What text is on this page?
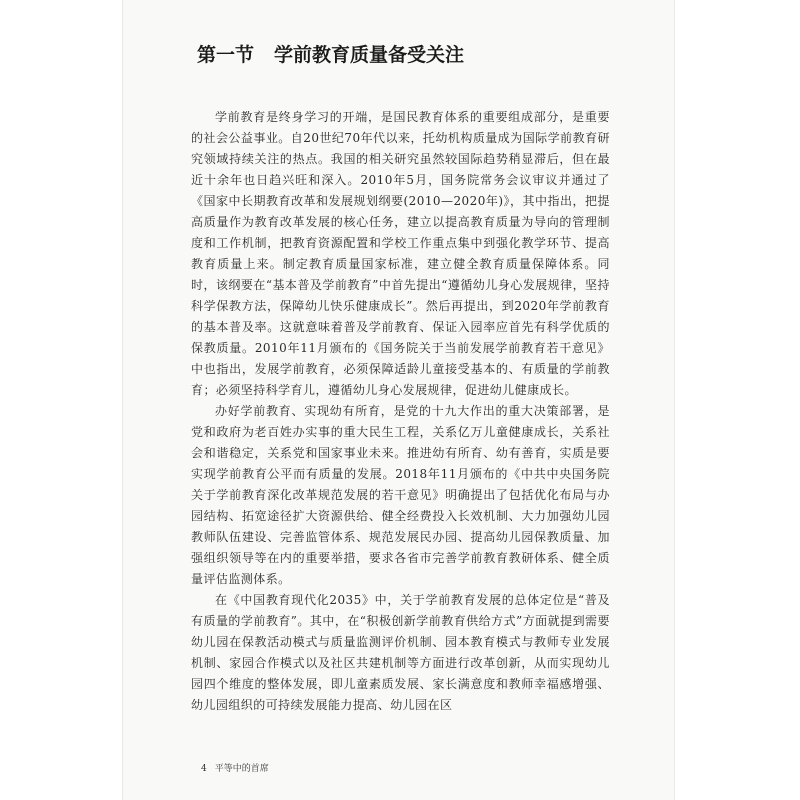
第一节 学前教育质量备受关注

学前教育是终身学习的开端，是国民教育体系的重要组成部分，是重要的社会公益事业。自20世纪70年代以来，托幼机构质量成为国际学前教育研究领域持续关注的热点。我国的相关研究虽然较国际趋势稍显滞后，但在最近十余年也日趋兴旺和深入。2010年5月，国务院常务会议审议并通过了《国家中长期教育改革和发展规划纲要(2010—2020年)》，其中指出，把提高质量作为教育改革发展的核心任务，建立以提高教育质量为导向的管理制度和工作机制，把教育资源配置和学校工作重点集中到强化教学环节、提高教育质量上来。制定教育质量国家标准，建立健全教育质量保障体系。同时，该纲要在“基本普及学前教育”中首先提出“遵循幼儿身心发展规律，坚持科学保教方法，保障幼儿快乐健康成长”。然后再提出，到2020年学前教育的基本普及率。这就意味着普及学前教育、保证入园率应首先有科学优质的保教质量。2010年11月颁布的《国务院关于当前发展学前教育若干意见》中也指出，发展学前教育，必须保障适龄儿童接受基本的、有质量的学前教育；必须坚持科学育儿，遵循幼儿身心发展规律，促进幼儿健康成长。

办好学前教育、实现幼有所育，是党的十九大作出的重大决策部署，是党和政府为老百姓办实事的重大民生工程，关系亿万儿童健康成长，关系社会和谐稳定，关系党和国家事业未来。推进幼有所育、幼有善育，实质是要实现学前教育公平而有质量的发展。2018年11月颁布的《中共中央国务院关于学前教育深化改革规范发展的若干意见》明确提出了包括优化布局与办园结构、拓宽途径扩大资源供给、健全经费投入长效机制、大力加强幼儿园教师队伍建设、完善监管体系、规范发展民办园、提高幼儿园保教质量、加强组织领导等在内的重要举措，要求各省市完善学前教育教研体系、健全质量评估监测体系。

在《中国教育现代化2035》中，关于学前教育发展的总体定位是“普及有质量的学前教育”。其中，在“积极创新学前教育供给方式”方面就提到需要幼儿园在保教活动模式与质量监测评价机制、园本教育模式与教师专业发展机制、家园合作模式以及社区共建机制等方面进行改革创新，从而实现幼儿园四个维度的整体发展，即儿童素质发展、家长满意度和教师幸福感增强、幼儿园组织的可持续发展能力提高、幼儿园在区

4 平等中的首席
